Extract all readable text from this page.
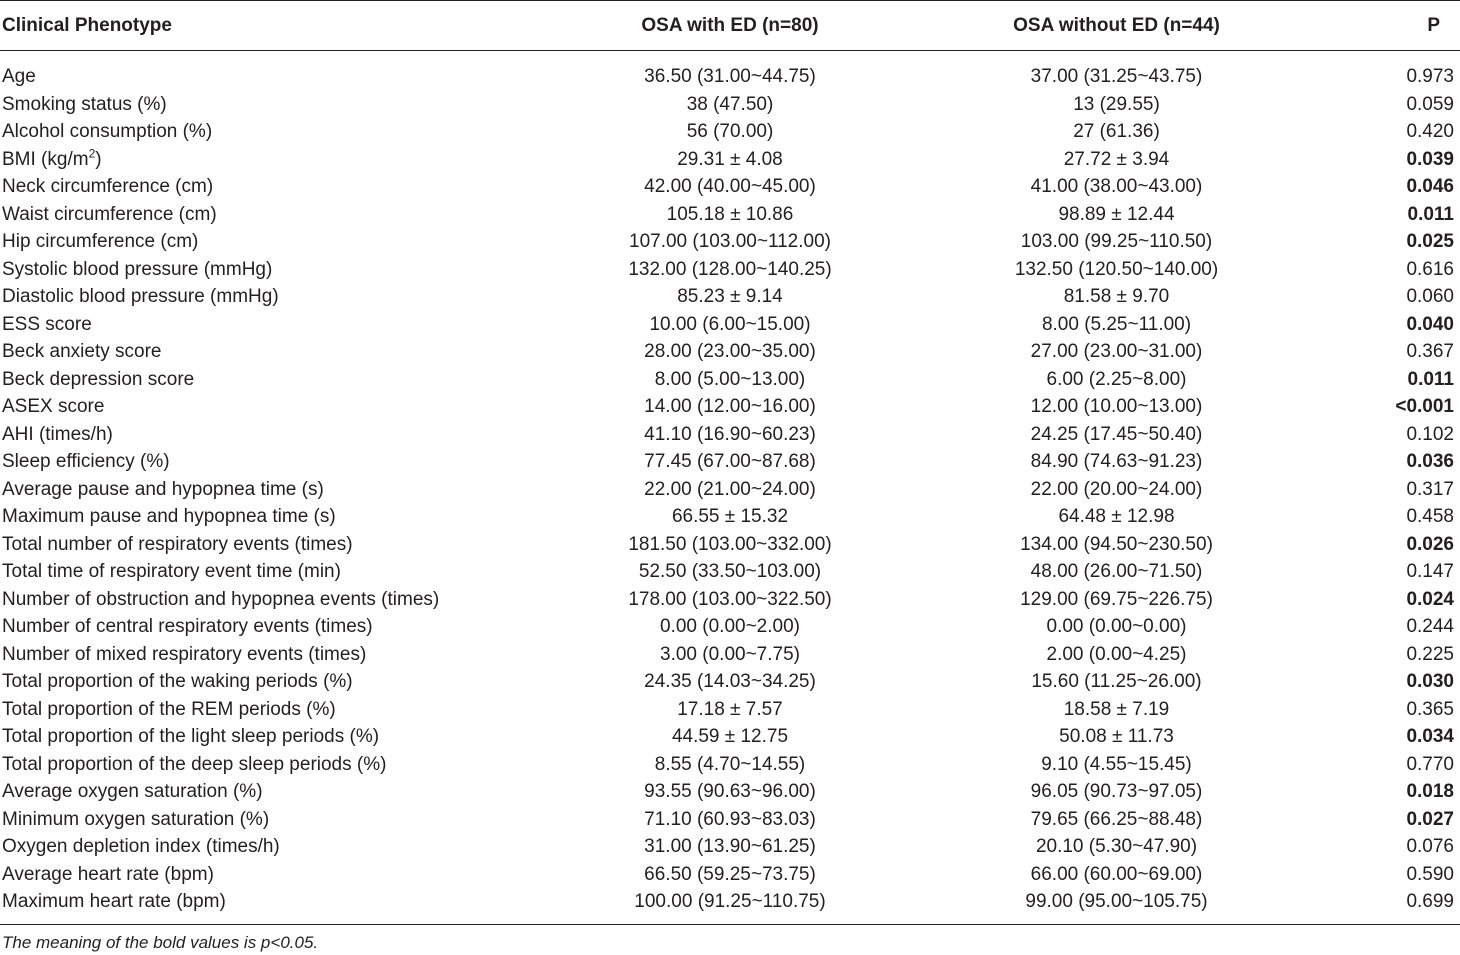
Clinical Phenotype	OSA with ED (n=80)	OSA without ED (n=44)	P
Age	36.50 (31.00~44.75)	37.00 (31.25~43.75)	0.973
Smoking status (%)	38 (47.50)	13 (29.55)	0.059
Alcohol consumption (%)	56 (70.00)	27 (61.36)	0.420
BMI $(kg/m^2)$	29.31 ± 4.08	27.72 ± 3.94	0.039
Neck circumference (cm)	42.00 (40.00~45.00)	41.00 (38.00~43.00)	0.046
Waist circumference (cm)	105.18 ± 10.86	98.89 ± 12.44	0.011
Hip circumference (cm)	107.00 (103.00~112.00)	103.00 (99.25~110.50)	0.025
Systolic blood pressure (mmHg)	132.00 (128.00~140.25)	132.50 (120.50~140.00)	0.616
Diastolic blood pressure (mmHg)	85.23 ± 9.14	81.58 ± 9.70	0.060
ESS score	10.00 (6.00~15.00)	8.00 (5.25~11.00)	0.040
Beck anxiety score	28.00 (23.00~35.00)	27.00 (23.00~31.00)	0.367
Beck depression score	8.00 (5.00~13.00)	6.00 (2.25~8.00)	0.011
ASEX score	14.00 (12.00~16.00)	12.00 (10.00~13.00)	<0.001
AHI (times/h)	41.10 (16.90~60.23)	24.25 (17.45~50.40)	0.102
Sleep efficiency (%)	77.45 (67.00~87.68)	84.90 (74.63~91.23)	0.036
Average pause and hypopnea time (s)	22.00 (21.00~24.00)	22.00 (20.00~24.00)	0.317
Maximum pause and hypopnea time (s)	66.55 ± 15.32	64.48 ± 12.98	0.458
Total number of respiratory events (times)	181.50 (103.00~332.00)	134.00 (94.50~230.50)	0.026
Total time of respiratory event time (min)	52.50 (33.50~103.00)	48.00 (26.00~71.50)	0.147
Number of obstruction and hypopnea events (times)	178.00 (103.00~322.50)	129.00 (69.75~226.75)	0.024
Number of central respiratory events (times)	0.00 (0.00~2.00)	0.00 (0.00~0.00)	0.244
Number of mixed respiratory events (times)	3.00 (0.00~7.75)	2.00 (0.00~4.25)	0.225
Total proportion of the waking periods (%)	24.35 (14.03~34.25)	15.60 (11.25~26.00)	0.030
Total proportion of the REM periods (%)	17.18 ± 7.57	18.58 ± 7.19	0.365
Total proportion of the light sleep periods (%)	44.59 ± 12.75	50.08 ± 11.73	0.034
Total proportion of the deep sleep periods (%)	8.55 (4.70~14.55)	9.10 (4.55~15.45)	0.770
Average oxygen saturation (%)	93.55 (90.63~96.00)	96.05 (90.73~97.05)	0.018
Minimum oxygen saturation (%)	71.10 (60.93~83.03)	79.65 (66.25~88.48)	0.027
Oxygen depletion index (times/h)	31.00 (13.90~61.25)	20.10 (5.30~47.90)	0.076
Average heart rate (bpm)	66.50 (59.25~73.75)	66.00 (60.00~69.00)	0.590
Maximum heart rate (bpm)	100.00 (91.25~110.75)	99.00 (95.00~105.75)	0.699
The meaning of the bold values is p<0.05.
